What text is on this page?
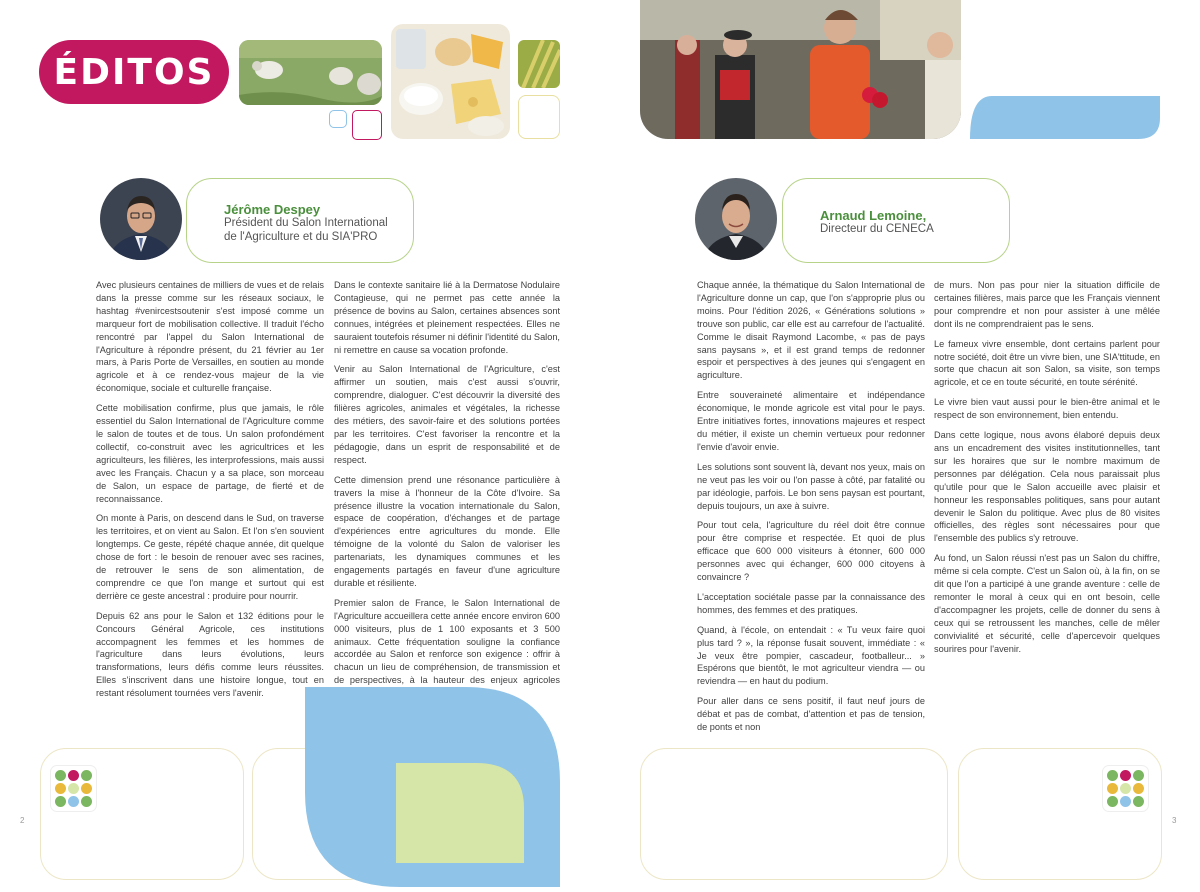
ÉDITOS
Jérôme Despey
Président du Salon International de l'Agriculture et du SIA'PRO

Avec plusieurs centaines de milliers de vues et de relais dans la presse comme sur les réseaux sociaux, le hashtag #venircestsoutenir s'est imposé comme un marqueur fort de mobilisation collective. Il traduit l'écho rencontré par l'appel du Salon International de l'Agriculture à répondre présent, du 21 février au 1er mars, à Paris Porte de Versailles, en soutien au monde agricole et à ce rendez-vous majeur de la vie économique, sociale et culturelle française.

Cette mobilisation confirme, plus que jamais, le rôle essentiel du Salon International de l'Agriculture comme le salon de toutes et de tous. Un salon profondément collectif, co-construit avec les agricultrices et les agriculteurs, les filières, les interprofessions, mais aussi avec les Français. Chacun y a sa place, son morceau de Salon, un espace de partage, de fierté et de reconnaissance.

On monte à Paris, on descend dans le Sud, on traverse les territoires, et on vient au Salon. Et l'on s'en souvient longtemps. Ce geste, répété chaque année, dit quelque chose de fort : le besoin de renouer avec ses racines, de retrouver le sens de son alimentation, de comprendre ce que l'on mange et surtout qui est derrière ce geste ancestral : produire pour nourrir.

Depuis 62 ans pour le Salon et 132 éditions pour le Concours Général Agricole, ces institutions accompagnent les femmes et les hommes de l'agriculture dans leurs évolutions, leurs transformations, leurs défis comme leurs réussites. Elles s'inscrivent dans une histoire longue, tout en restant résolument tournées vers l'avenir.

Dans le contexte sanitaire lié à la Dermatose Nodulaire Contagieuse, qui ne permet pas cette année la présence de bovins au Salon, certaines absences sont connues, intégrées et pleinement respectées. Elles ne sauraient toutefois résumer ni définir l'identité du Salon, ni remettre en cause sa vocation profonde.

Venir au Salon International de l'Agriculture, c'est affirmer un soutien, mais c'est aussi s'ouvrir, comprendre, dialoguer. C'est découvrir la diversité des filières agricoles, animales et végétales, la richesse des métiers, des savoir-faire et des solutions portées par les territoires. C'est favoriser la rencontre et la pédagogie, dans un esprit de responsabilité et de respect.

Cette dimension prend une résonance particulière à travers la mise à l'honneur de la Côte d'Ivoire. Sa présence illustre la vocation internationale du Salon, espace de coopération, d'échanges et de partage d'expériences entre agricultures du monde. Elle témoigne de la volonté du Salon de valoriser les partenariats, les dynamiques communes et les engagements partagés en faveur d'une agriculture durable et résiliente.

Premier salon de France, le Salon International de l'Agriculture accueillera cette année encore environ 600 000 visiteurs, plus de 1 100 exposants et 3 500 animaux. Cette fréquentation souligne la confiance accordée au Salon et renforce son exigence : offrir à chacun un lieu de compréhension, de transmission et de perspectives, à la hauteur des enjeux agricoles

2
Arnaud Lemoine,
Directeur du CENECA

Chaque année, la thématique du Salon International de l'Agriculture donne un cap, que l'on s'approprie plus ou moins. Pour l'édition 2026, « Générations solutions » trouve son public, car elle est au carrefour de l'actualité. Comme le disait Raymond Lacombe, « pas de pays sans paysans », et il est grand temps de redonner espoir et perspectives à des jeunes qui s'engagent en agriculture.

Entre souveraineté alimentaire et indépendance économique, le monde agricole est vital pour le pays. Entre initiatives fortes, innovations majeures et respect du métier, il existe un chemin vertueux pour redonner l'envie d'avoir envie.

Les solutions sont souvent là, devant nos yeux, mais on ne veut pas les voir ou l'on passe à côté, par fatalité ou par idéologie, parfois. Le bon sens paysan est pourtant, depuis toujours, un axe à suivre.

Pour tout cela, l'agriculture du réel doit être connue pour être comprise et respectée. Et quoi de plus efficace que 600 000 visiteurs à étonner, 600 000 personnes avec qui échanger, 600 000 citoyens à convaincre ?

L'acceptation sociétale passe par la connaissance des hommes, des femmes et des pratiques.

Quand, à l'école, on entendait : « Tu veux faire quoi plus tard ? », la réponse fusait souvent, immédiate : « Je veux être pompier, cascadeur, footballeur... » Espérons que bientôt, le mot agriculteur viendra — ou reviendra — en haut du podium.

Pour aller dans ce sens positif, il faut neuf jours de débat et pas de combat, d'attention et pas de tension, de ponts et non

de murs. Non pas pour nier la situation difficile de certaines filières, mais parce que les Français viennent pour comprendre et non pour assister à une mêlée dont ils ne comprendraient pas le sens.

Le fameux vivre ensemble, dont certains parlent pour notre société, doit être un vivre bien, une SIA'ttitude, en sorte que chacun ait son Salon, sa visite, son temps agricole, et ce en toute sécurité, en toute sérénité.

Le vivre bien vaut aussi pour le bien-être animal et le respect de son environnement, bien entendu.

Dans cette logique, nous avons élaboré depuis deux ans un encadrement des visites institutionnelles, tant sur les horaires que sur le nombre maximum de personnes par délégation. Cela nous paraissait plus qu'utile pour que le Salon accueille avec plaisir et honneur les responsables politiques, sans pour autant devenir le Salon du politique. Avec plus de 80 visites officielles, des règles sont nécessaires pour que l'ensemble des publics s'y retrouve.

Au fond, un Salon réussi n'est pas un Salon du chiffre, même si cela compte. C'est un Salon où, à la fin, on se dit que l'on a participé à une grande aventure : celle de remonter le moral à ceux qui en ont besoin, celle d'accompagner les projets, celle de donner du sens à ceux qui se retroussent les manches, celle de mêler convivialité et sécurité, celle d'apercevoir quelques sourires pour l'avenir.

3
